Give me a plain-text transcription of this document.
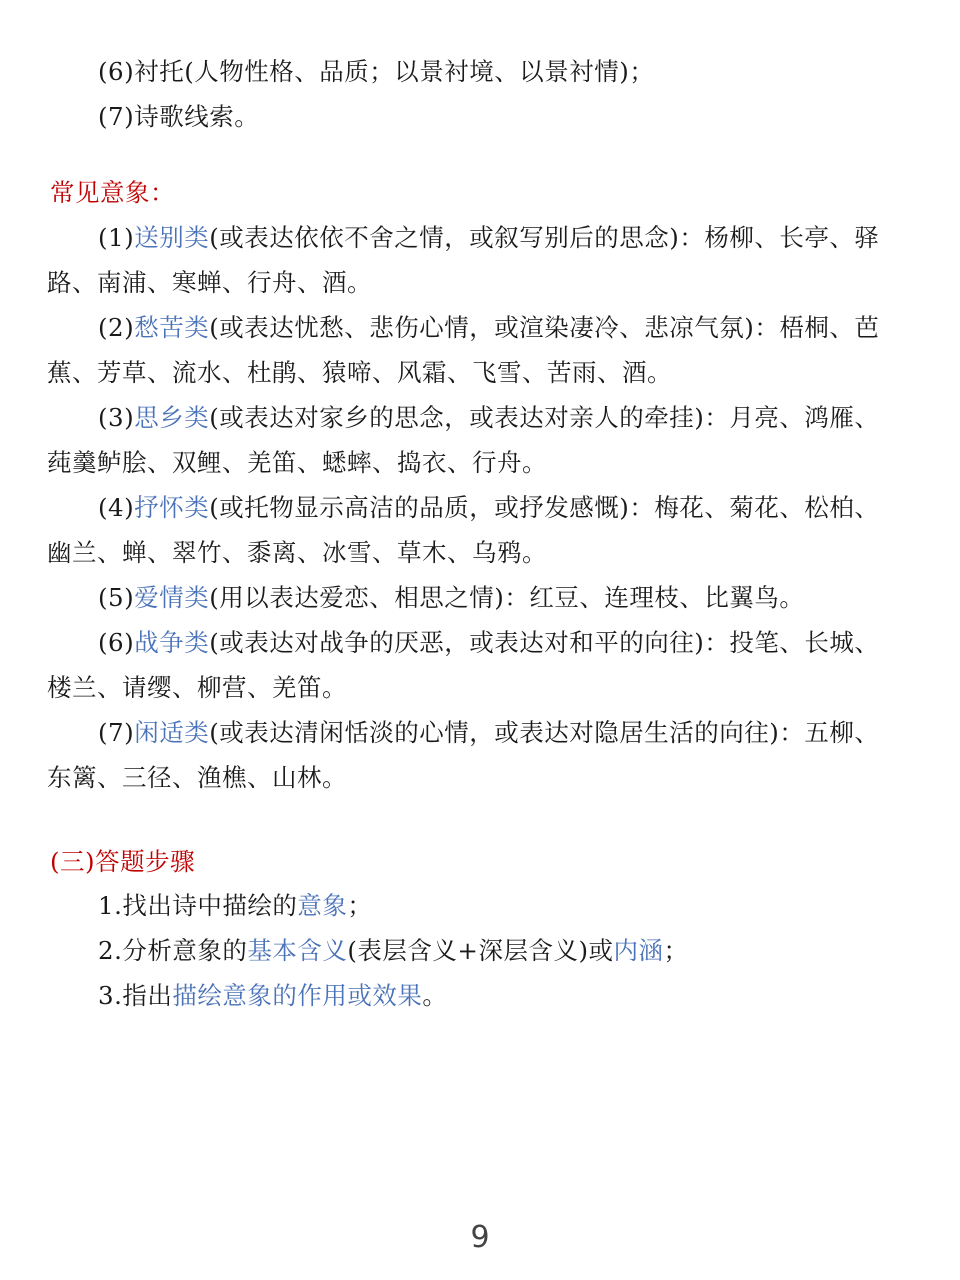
(6)衬托(人物性格、品质；以景衬境、以景衬情)；
(7)诗歌线索。
常见意象：
(1)送别类(或表达依依不舍之情，或叙写别后的思念)：杨柳、长亭、驿
路、南浦、寒蝉、行舟、酒。
(2)愁苦类(或表达忧愁、悲伤心情，或渲染凄冷、悲凉气氛)：梧桐、芭
蕉、芳草、流水、杜鹃、猿啼、风霜、飞雪、苦雨、酒。
(3)思乡类(或表达对家乡的思念，或表达对亲人的牵挂)：月亮、鸿雁、
莼羹鲈脍、双鲤、羌笛、蟋蟀、捣衣、行舟。
(4)抒怀类(或托物显示高洁的品质，或抒发感慨)：梅花、菊花、松柏、
幽兰、蝉、翠竹、黍离、冰雪、草木、乌鸦。
(5)爱情类(用以表达爱恋、相思之情)：红豆、连理枝、比翼鸟。
(6)战争类(或表达对战争的厌恶，或表达对和平的向往)：投笔、长城、
楼兰、请缨、柳营、羌笛。
(7)闲适类(或表达清闲恬淡的心情，或表达对隐居生活的向往)：五柳、
东篱、三径、渔樵、山林。
(三)答题步骤
1.找出诗中描绘的意象；
2.分析意象的基本含义(表层含义+深层含义)或内涵；
3.指出描绘意象的作用或效果。
9
